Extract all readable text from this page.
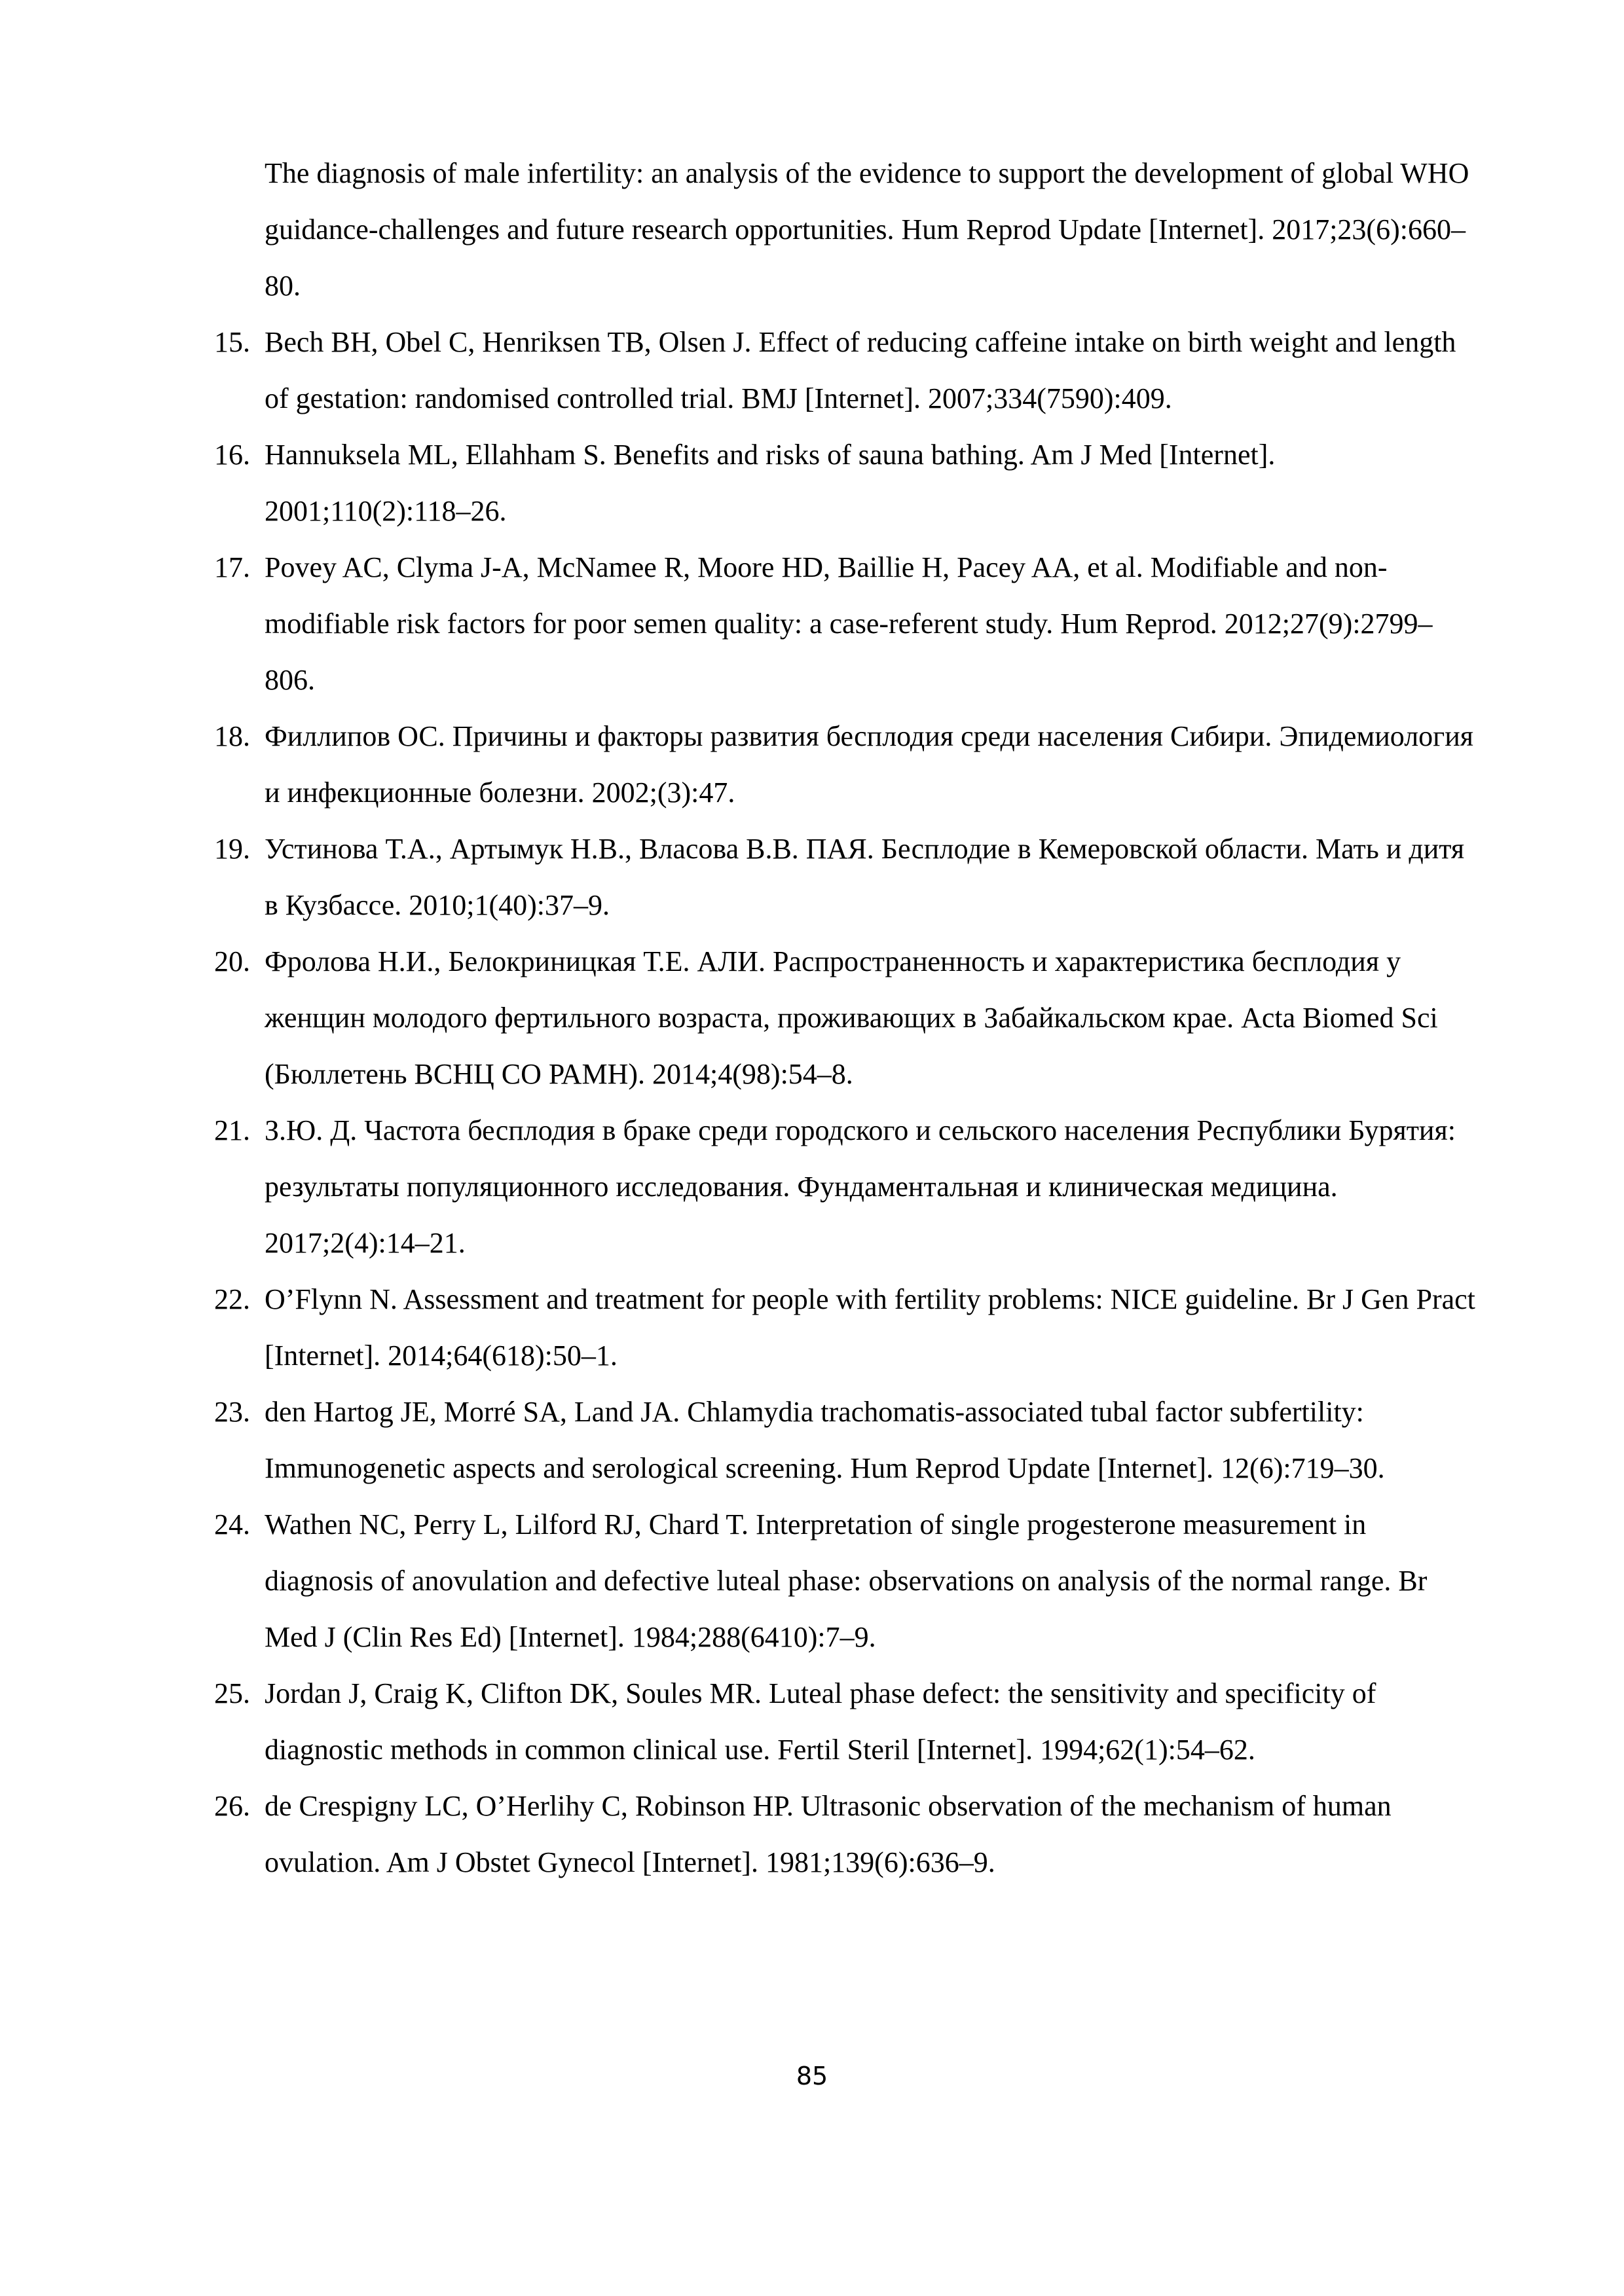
The diagnosis of male infertility: an analysis of the evidence to support the development of global WHO guidance-challenges and future research opportunities. Hum Reprod Update [Internet]. 2017;23(6):660–80.
15. Bech BH, Obel C, Henriksen TB, Olsen J. Effect of reducing caffeine intake on birth weight and length of gestation: randomised controlled trial. BMJ [Internet]. 2007;334(7590):409.
16. Hannuksela ML, Ellahham S. Benefits and risks of sauna bathing. Am J Med [Internet]. 2001;110(2):118–26.
17. Povey AC, Clyma J-A, McNamee R, Moore HD, Baillie H, Pacey AA, et al. Modifiable and non-modifiable risk factors for poor semen quality: a case-referent study. Hum Reprod. 2012;27(9):2799–806.
18. Филлипов ОС. Причины и факторы развития бесплодия среди населения Сибири. Эпидемиология и инфекционные болезни. 2002;(3):47.
19. Устинова Т.А., Артымук Н.В., Власова В.В. ПАЯ. Бесплодие в Кемеровской области. Мать и дитя в Кузбассе. 2010;1(40):37–9.
20. Фролова Н.И., Белокриницкая Т.Е. АЛИ. Распространенность и характеристика бесплодия у женщин молодого фертильного возраста, проживающих в Забайкальском крае. Acta Biomed Sci (Бюллетень ВСНЦ СО РАМН). 2014;4(98):54–8.
21. З.Ю. Д. Частота бесплодия в браке среди городского и сельского населения Республики Бурятия: результаты популяционного исследования. Фундаментальная и клиническая медицина. 2017;2(4):14–21.
22. O’Flynn N. Assessment and treatment for people with fertility problems: NICE guideline. Br J Gen Pract [Internet]. 2014;64(618):50–1.
23. den Hartog JE, Morré SA, Land JA. Chlamydia trachomatis-associated tubal factor subfertility: Immunogenetic aspects and serological screening. Hum Reprod Update [Internet]. 12(6):719–30.
24. Wathen NC, Perry L, Lilford RJ, Chard T. Interpretation of single progesterone measurement in diagnosis of anovulation and defective luteal phase: observations on analysis of the normal range. Br Med J (Clin Res Ed) [Internet]. 1984;288(6410):7–9.
25. Jordan J, Craig K, Clifton DK, Soules MR. Luteal phase defect: the sensitivity and specificity of diagnostic methods in common clinical use. Fertil Steril [Internet]. 1994;62(1):54–62.
26. de Crespigny LC, O’Herlihy C, Robinson HP. Ultrasonic observation of the mechanism of human ovulation. Am J Obstet Gynecol [Internet]. 1981;139(6):636–9.
85
